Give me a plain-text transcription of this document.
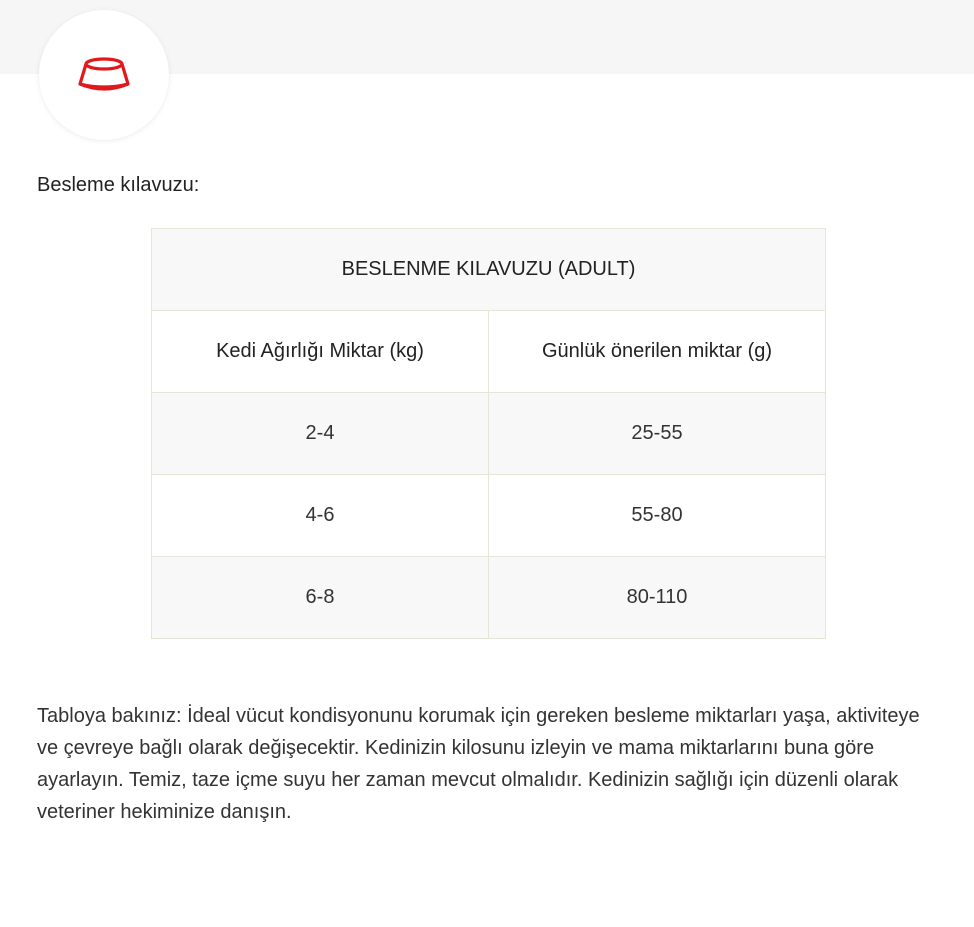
Besleme kılavuzu:
BESLENME KILAVUZU (ADULT)	
Kedi Ağırlığı Miktar (kg)	Günlük önerilen miktar (g)
2-4	25-55
4-6	55-80
6-8	80-110

Tabloya bakınız: İdeal vücut kondisyonunu korumak için gereken besleme miktarları yaşa, aktiviteye ve çevreye bağlı olarak değişecektir. Kedinizin kilosunu izleyin ve mama miktarlarını buna göre ayarlayın. Temiz, taze içme suyu her zaman mevcut olmalıdır. Kedinizin sağlığı için düzenli olarak veteriner hekiminize danışın.
